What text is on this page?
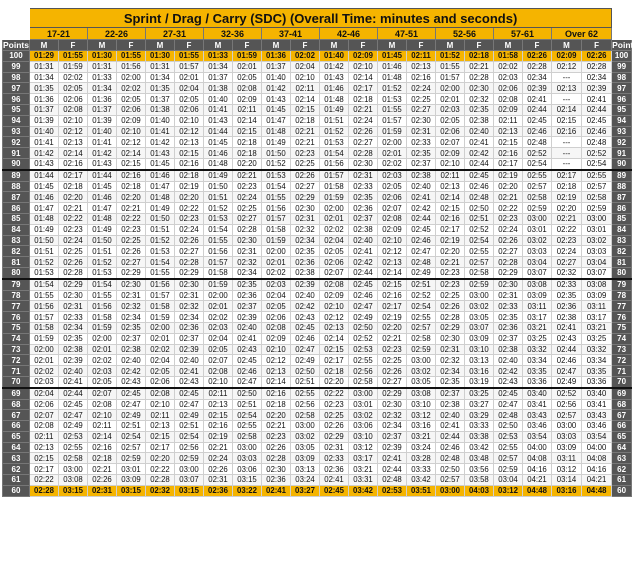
	Sprint / Drag / Carry (SDC) (Overall Time: minutes and seconds)																				
	17-21		22-26		27-31		32-36		37-41		42-46		47-51		52-56		57-61		Over 62		
Points	M	F	M	F	M	F	M	F	M	F	M	F	M	F	M	F	M	F	M	F	Points
100	01:29	01:55	01:30	01:55	01:30	01:55	01:33	01:59	01:36	02:02	01:40	02:09	01:45	02:11	01:52	02:18	01:58	02:26	02:09	02:26	100
99	01:31	01:59	01:31	01:56	01:31	01:57	01:34	02:01	01:37	02:04	01:42	02:10	01:46	02:13	01:55	02:21	02:02	02:28	02:12	02:28	99
98	01:34	02:02	01:33	02:00	01:34	02:01	01:37	02:05	01:40	02:10	01:43	02:14	01:48	02:16	01:57	02:28	02:03	02:34	---	02:34	98
97	01:35	02:05	01:34	02:02	01:35	02:04	01:38	02:08	01:42	02:11	01:46	02:17	01:52	02:24	02:00	02:30	02:06	02:39	02:13	02:39	97
96	01:36	02:06	01:36	02:05	01:37	02:05	01:40	02:09	01:43	02:14	01:48	02:18	01:53	02:25	02:01	02:32	02:08	02:41	---	02:41	96
95	01:37	02:08	01:37	02:06	01:38	02:06	01:41	02:11	01:45	02:15	01:49	02:21	01:55	02:27	02:03	02:35	02:09	02:44	02:14	02:44	95
94	01:39	02:10	01:39	02:09	01:40	02:10	01:43	02:14	01:47	02:18	01:51	02:24	01:57	02:30	02:05	02:38	02:11	02:45	02:15	02:45	94
93	01:40	02:12	01:40	02:10	01:41	02:12	01:44	02:15	01:48	02:21	01:52	02:26	01:59	02:31	02:06	02:40	02:13	02:46	02:16	02:46	93
92	01:41	02:13	01:41	02:12	01:42	02:13	01:45	02:18	01:49	02:21	01:53	02:27	02:00	02:33	02:07	02:41	02:15	02:48	---	02:48	92
91	01:42	02:14	01:42	02:14	01:43	02:15	01:46	02:18	01:50	02:23	01:54	02:28	02:01	02:35	02:09	02:42	02:16	02:52	---	02:52	91
90	01:43	02:16	01:43	02:15	01:45	02:16	01:48	02:20	01:52	02:25	01:56	02:30	02:02	02:37	02:10	02:44	02:17	02:54	---	02:54	90
89	01:44	02:17	01:44	02:16	01:46	02:18	01:49	02:21	01:53	02:26	01:57	02:31	02:03	02:38	02:11	02:45	02:19	02:55	02:17	02:55	89
88	01:45	02:18	01:45	02:18	01:47	02:19	01:50	02:23	01:54	02:27	01:58	02:33	02:05	02:40	02:13	02:46	02:20	02:57	02:18	02:57	88
87	01:46	02:20	01:46	02:20	01:48	02:20	01:51	02:24	01:55	02:29	01:59	02:35	02:06	02:41	02:14	02:48	02:21	02:58	02:19	02:58	87
86	01:47	02:21	01:47	02:21	01:49	02:22	01:52	02:25	01:56	02:30	02:00	02:36	02:07	02:42	02:15	02:50	02:22	02:59	02:20	02:59	86
85	01:48	02:22	01:48	02:22	01:50	02:23	01:53	02:27	01:57	02:31	02:01	02:37	02:08	02:44	02:16	02:51	02:23	03:00	02:21	03:00	85
84	01:49	02:23	01:49	02:23	01:51	02:24	01:54	02:28	01:58	02:32	02:02	02:38	02:09	02:45	02:17	02:52	02:24	03:01	02:22	03:01	84
83	01:50	02:24	01:50	02:25	01:52	02:26	01:55	02:30	01:59	02:34	02:04	02:40	02:10	02:46	02:19	02:54	02:26	03:02	02:23	03:02	83
82	01:51	02:25	01:51	02:26	01:53	02:27	01:56	02:31	02:00	02:35	02:05	02:41	02:12	02:47	02:20	02:55	02:27	03:03	02:24	03:03	82
81	01:52	02:26	01:52	02:27	01:54	02:28	01:57	02:32	02:01	02:36	02:06	02:42	02:13	02:48	02:21	02:57	02:28	03:04	02:27	03:04	81
80	01:53	02:28	01:53	02:29	01:55	02:29	01:58	02:34	02:02	02:38	02:07	02:44	02:14	02:49	02:23	02:58	02:29	03:07	02:32	03:07	80
79	01:54	02:29	01:54	02:30	01:56	02:30	01:59	02:35	02:03	02:39	02:08	02:45	02:15	02:51	02:23	02:59	02:30	03:08	02:33	03:08	79
78	01:55	02:30	01:55	02:31	01:57	02:31	02:00	02:36	02:04	02:40	02:09	02:46	02:16	02:52	02:25	03:00	02:31	03:09	02:35	03:09	78
77	01:56	02:31	01:56	02:32	01:58	02:32	02:01	02:37	02:05	02:42	02:10	02:47	02:17	02:54	02:26	03:02	02:33	03:11	02:36	03:11	77
76	01:57	02:33	01:58	02:34	01:59	02:34	02:02	02:39	02:06	02:43	02:12	02:49	02:19	02:55	02:28	03:05	02:35	03:17	02:38	03:17	76
75	01:58	02:34	01:59	02:35	02:00	02:36	02:03	02:40	02:08	02:45	02:13	02:50	02:20	02:57	02:29	03:07	02:36	03:21	02:41	03:21	75
74	01:59	02:35	02:00	02:37	02:01	02:37	02:04	02:41	02:09	02:46	02:14	02:52	02:21	02:58	02:30	03:09	02:37	03:25	02:43	03:25	74
73	02:00	02:38	02:01	02:38	02:02	02:39	02:05	02:43	02:10	02:47	02:15	02:53	02:23	02:59	02:31	03:10	02:38	03:32	02:44	03:32	73
72	02:01	02:39	02:02	02:40	02:04	02:40	02:07	02:45	02:12	02:49	02:17	02:55	02:25	03:00	02:32	03:13	02:40	03:34	02:46	03:34	72
71	02:02	02:40	02:03	02:42	02:05	02:41	02:08	02:46	02:13	02:50	02:18	02:56	02:26	03:02	02:34	03:16	02:42	03:35	02:47	03:35	71
70	02:03	02:41	02:05	02:43	02:06	02:43	02:10	02:47	02:14	02:51	02:20	02:58	02:27	03:05	02:35	03:19	02:43	03:36	02:49	03:36	70
69	02:04	02:44	02:07	02:45	02:08	02:45	02:11	02:50	02:16	02:55	02:22	03:00	02:29	03:08	02:37	03:25	02:45	03:40	02:52	03:40	69
68	02:06	02:45	02:08	02:47	02:10	02:47	02:13	02:51	02:18	02:56	02:23	03:01	02:30	03:10	02:38	03:27	02:47	03:41	02:56	03:41	68
67	02:07	02:47	02:10	02:49	02:11	02:49	02:15	02:54	02:20	02:58	02:25	03:02	02:32	03:12	02:40	03:29	02:48	03:43	02:57	03:43	67
66	02:08	02:49	02:11	02:51	02:13	02:51	02:16	02:55	02:21	03:00	02:26	03:06	02:34	03:16	02:41	03:33	02:50	03:46	03:00	03:46	66
65	02:11	02:53	02:14	02:54	02:15	02:54	02:19	02:58	02:23	03:02	02:29	03:10	02:37	03:21	02:44	03:38	02:53	03:54	03:03	03:54	65
64	02:13	02:55	02:16	02:57	02:17	02:56	02:21	03:00	02:26	03:05	02:31	03:12	02:39	03:24	02:46	03:42	02:55	04:00	03:09	04:00	64
63	02:15	02:58	02:18	02:59	02:20	02:59	02:24	03:03	02:28	03:09	02:33	03:17	02:41	03:28	02:48	03:48	02:57	04:08	03:11	04:08	63
62	02:17	03:00	02:21	03:01	02:22	03:00	02:26	03:06	02:30	03:13	02:36	03:21	02:44	03:33	02:50	03:56	02:59	04:16	03:12	04:16	62
61	02:22	03:08	02:26	03:09	02:28	03:07	02:31	03:15	02:36	03:24	02:41	03:31	02:48	03:42	02:57	03:58	03:04	04:21	03:14	04:21	61
60	02:28	03:15	02:31	03:15	02:32	03:15	02:36	03:22	02:41	03:27	02:45	03:42	02:53	03:51	03:00	04:03	03:12	04:48	03:16	04:48	60
